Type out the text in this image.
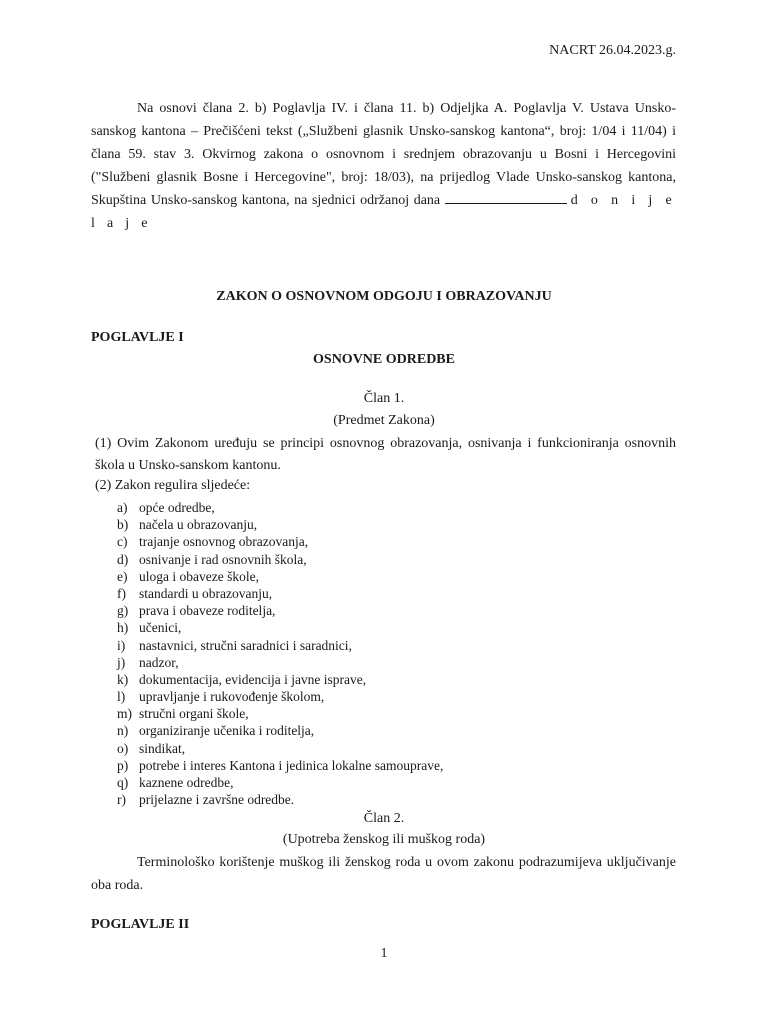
NACRT 26.04.2023.g.
Na osnovi člana 2. b) Poglavlja IV. i člana 11. b) Odjeljka A. Poglavlja V. Ustava Unsko-sanskog kantona – Prečišćeni tekst („Službeni glasnik Unsko-sanskog kantona“, broj: 1/04 i 11/04) i člana 59. stav 3. Okvirnog zakona o osnovnom i srednjem obrazovanju u Bosni i Hercegovini ("Službeni glasnik Bosne i Hercegovine", broj: 18/03), na prijedlog Vlade Unsko-sanskog kantona, Skupština Unsko-sanskog kantona, na sjednici održanoj dana	d o n i j e l a j e
ZAKON O OSNOVNOM ODGOJU I OBRAZOVANJU
POGLAVLJE I
OSNOVNE ODREDBE
Član 1.
(Predmet Zakona)
(1) Ovim Zakonom uređuju se principi osnovnog obrazovanja, osnivanja i funkcioniranja osnovnih škola u Unsko-sanskom kantonu.
(2) Zakon regulira sljedeće:
a) opće odredbe,
b) načela u obrazovanju,
c) trajanje osnovnog obrazovanja,
d) osnivanje i rad osnovnih škola,
e) uloga i obaveze škole,
f) standardi u obrazovanju,
g) prava i obaveze roditelja,
h) učenici,
i) nastavnici, stručni saradnici i saradnici,
j) nadzor,
k) dokumentacija, evidencija i javne isprave,
l) upravljanje i rukovođenje školom,
m) stručni organi škole,
n) organiziranje učenika i roditelja,
o) sindikat,
p) potrebe i interes Kantona i jedinica lokalne samouprave,
q) kaznene odredbe,
r) prijelazne i završne odredbe.
Član 2.
(Upotreba ženskog ili muškog roda)
Terminološko korištenje muškog ili ženskog roda u ovom zakonu podrazumijeva uključivanje oba roda.
POGLAVLJE II
1
